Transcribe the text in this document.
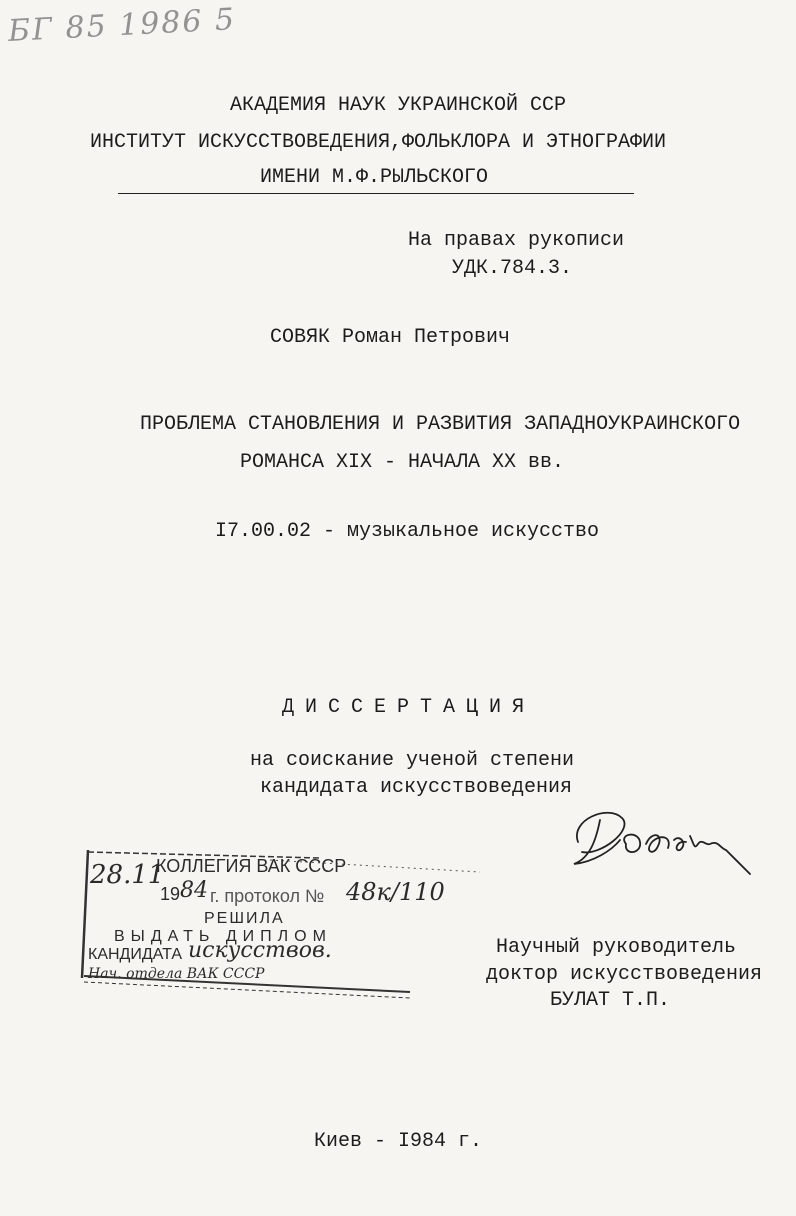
БГ 85 1986 5
АКАДЕМИЯ НАУК УКРАИНСКОЙ ССР
ИНСТИТУТ ИСКУССТВОВЕДЕНИЯ,ФОЛЬКЛОРА И ЭТНОГРАФИИ
ИМЕНИ М.Ф.РЫЛЬСКОГО
На правах рукописи
УДК.784.3.
СОВЯК Роман Петрович
ПРОБЛЕМА СТАНОВЛЕНИЯ И РАЗВИТИЯ ЗАПАДНОУКРАИНСКОГО
РОМАНСА XIX - НАЧАЛА XX вв.
I7.00.02 - музыкальное искусство
ДИССЕРТАЦИЯ
на соискание ученой степени
кандидата искусствоведения
28.11
КОЛЛЕГИЯ ВАК СССР
19 84 г. протокол № 48к/110
РЕШИЛА
ВЫДАТЬ ДИПЛОМ
КАНДИДАТА искусствов.
Нач. отдела ВАК СССР
Научный руководитель
доктор искусствоведения
БУЛАТ Т.П.
Киев - I984 г.
